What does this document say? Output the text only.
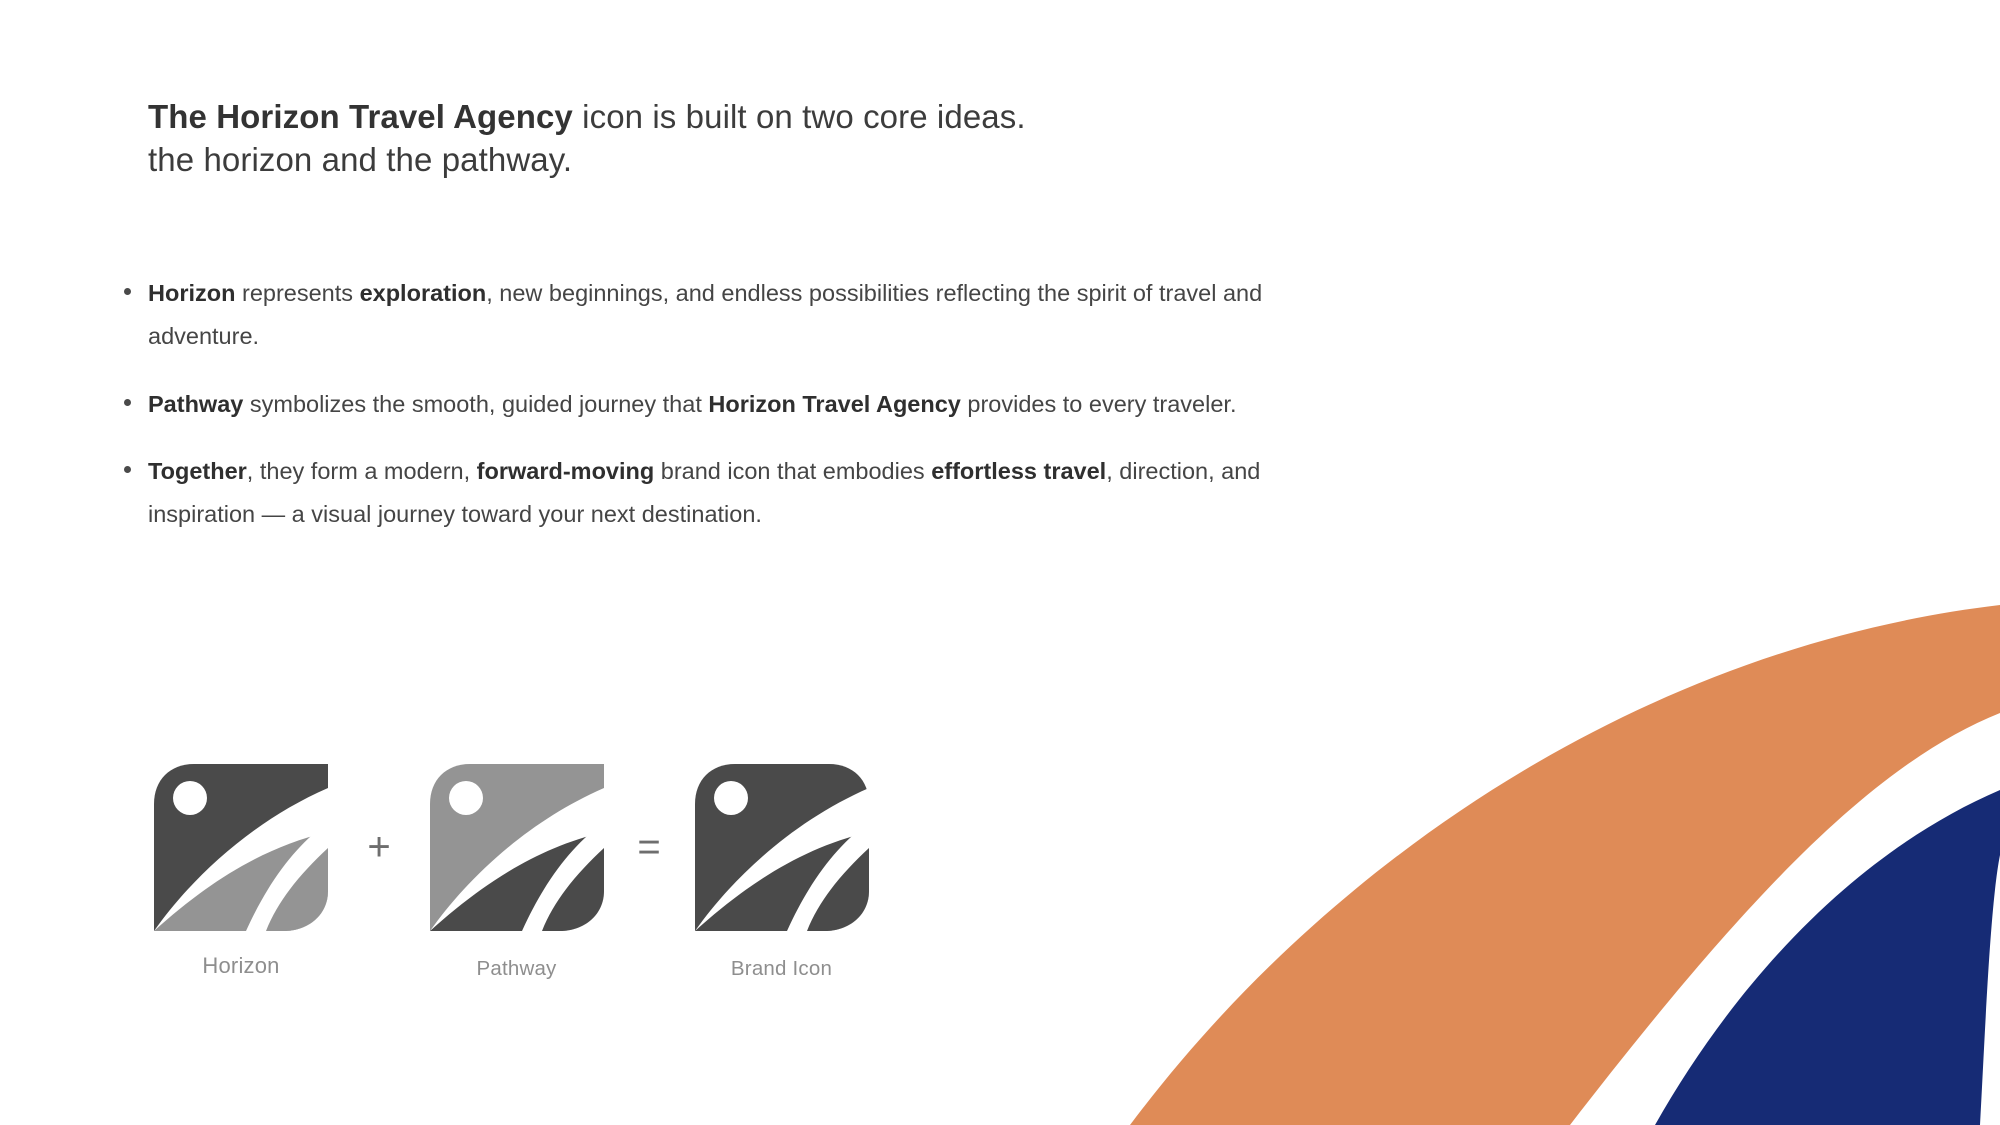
The Horizon Travel Agency icon is built on two core ideas.
the horizon and the pathway.
Horizon represents exploration, new beginnings, and endless possibilities reflecting the spirit of travel and adventure.
Pathway symbolizes the smooth, guided journey that Horizon Travel Agency provides to every traveler.
Together, they form a modern, forward-moving brand icon that embodies effortless travel, direction, and inspiration — a visual journey toward your next destination.
Horizon
+
Pathway
=
Brand Icon
